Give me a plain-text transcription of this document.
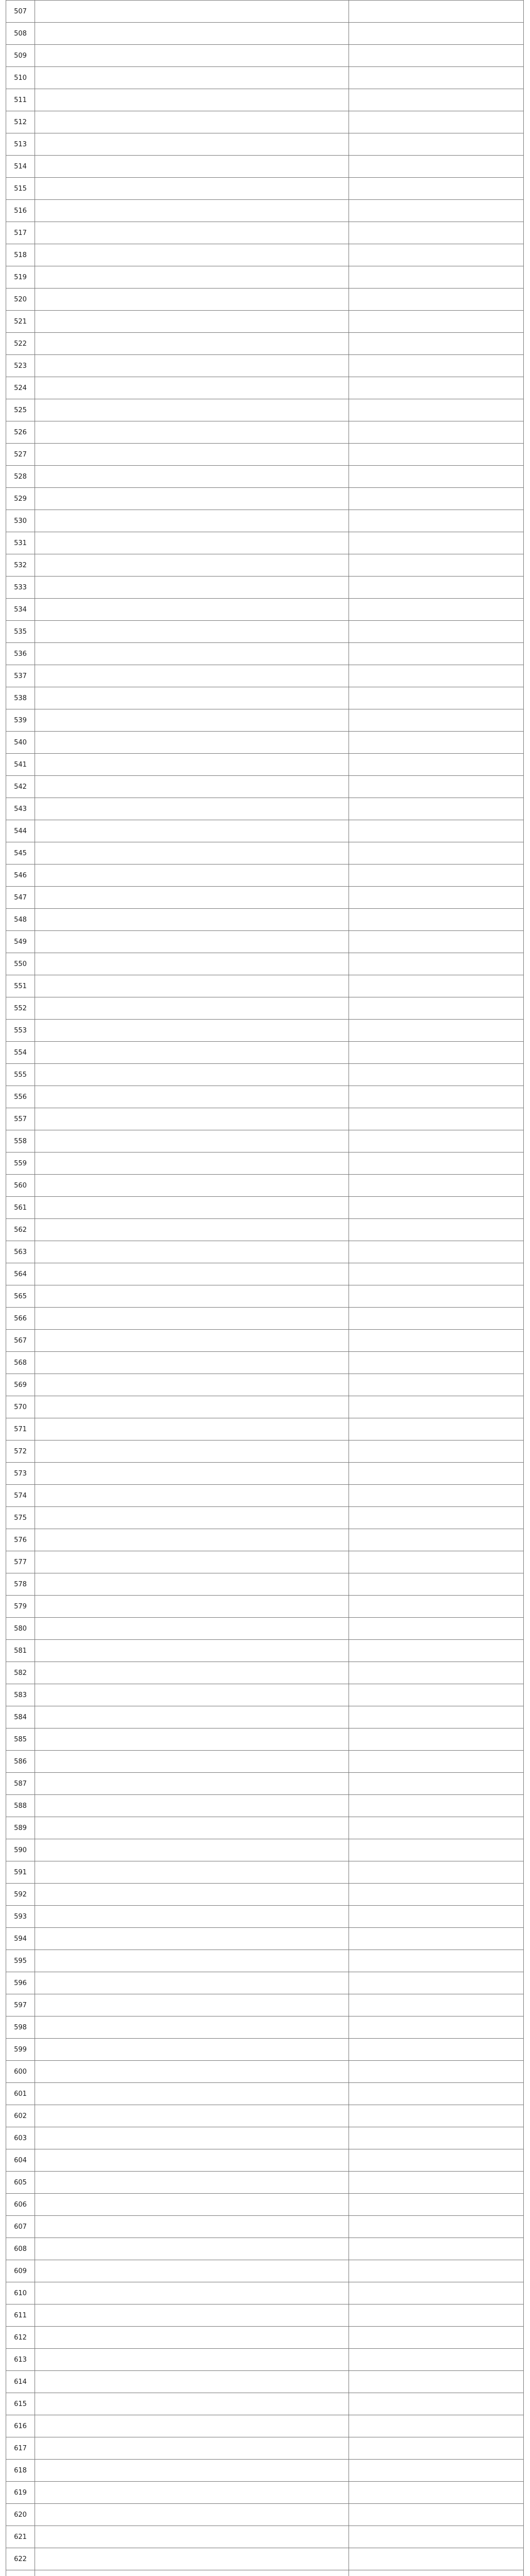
507		
508		
509		
510		
511		
512		
513		
514		
515		
516		
517		
518		
519		
520		
521		
522		
523		
524		
525		
526		
527		
528		
529		
530		
531		
532		
533		
534		
535		
536		
537		
538		
539		
540		
541		
542		
543		
544		
545		
546		
547		
548		
549		
550		
551		
552		
553		
554		
555		
556		
557		
558		
559		
560		
561		
562		
563		
564		
565		
566		
567		
568		
569		
570		
571		
572		
573		
574		
575		
576		
577		
578		
579		
580		
581		
582		
583		
584		
585		
586		
587		
588		
589		
590		
591		
592		
593		
594		
595		
596		
597		
598		
599		
600		
601		
602		
603		
604		
605		
606		
607		
608		
609		
610		
611		
612		
613		
614		
615		
616		
617		
618		
619		
620		
621		
622		
